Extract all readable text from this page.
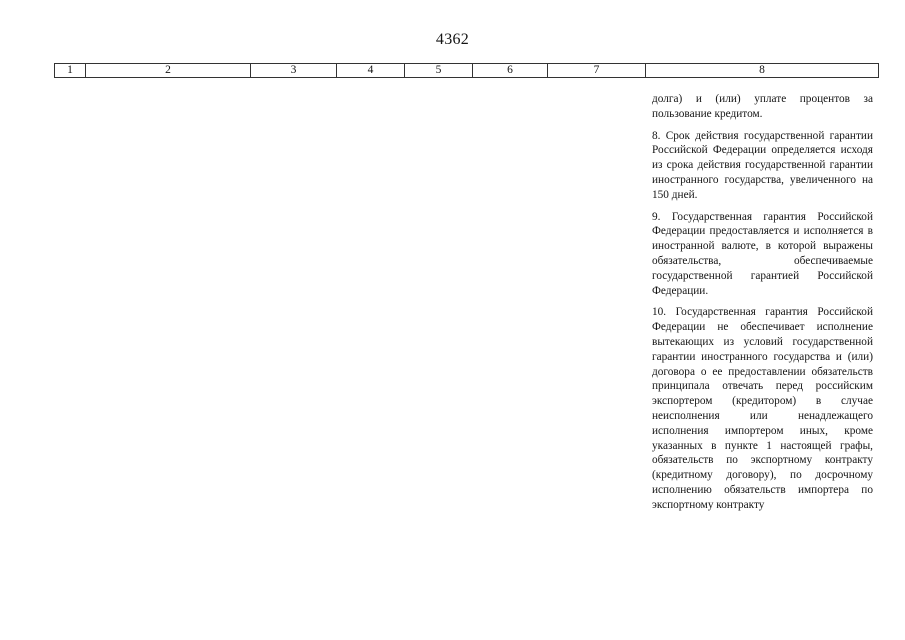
4362
1	2	3	4	5	6	7	8

долга) и (или) уплате процентов за пользование кредитом.

8. Срок действия государственной гарантии Российской Федерации определяется исходя из срока действия государственной гарантии иностранного государства, увеличенного на 150 дней.

9. Государственная гарантия Российской Федерации предоставляется и исполняется в иностранной валюте, в которой выражены обязательства, обеспечиваемые государственной гарантией Российской Федерации.

10. Государственная гарантия Российской Федерации не обеспечивает исполнение вытекающих из условий государственной гарантии иностранного государства и (или) договора о ее предоставлении обязательств принципала отвечать перед российским экспортером (кредитором) в случае неисполнения или ненадлежащего исполнения импортером иных, кроме указанных в пункте 1 настоящей графы, обязательств по экспортному контракту (кредитному договору), по досрочному исполнению обязательств импортера по экспортному контракту
